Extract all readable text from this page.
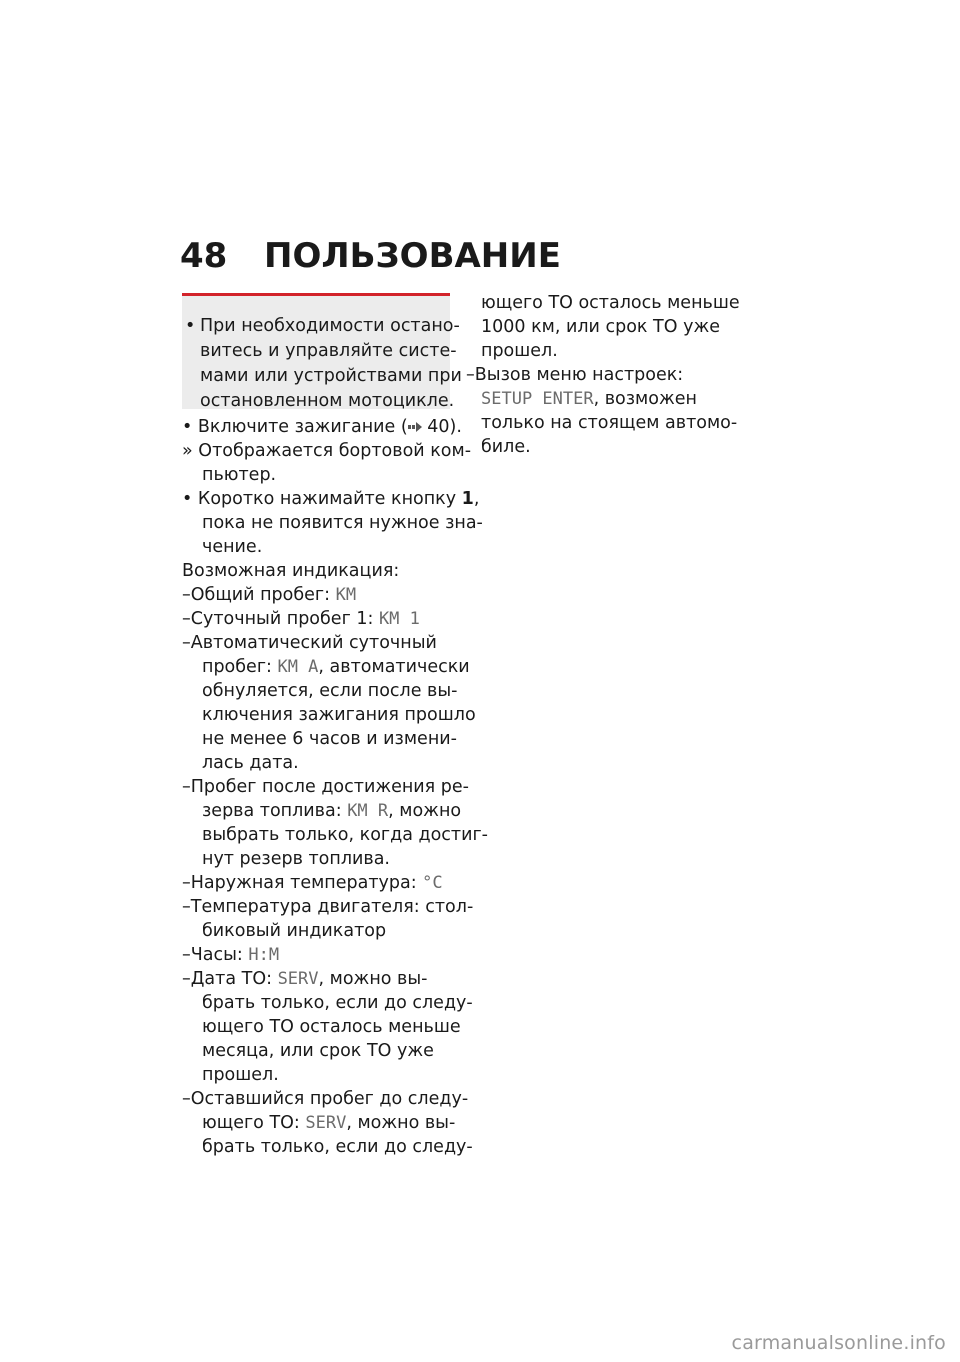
48 ПОЛЬЗОВАНИЕ
• При необходимости остано-
витесь и управляйте систе-
мами или устройствами при
остановленном мотоцикле.
• Включите зажигание ( 40).
» Отображается бортовой ком-
пьютер.
• Коротко нажимайте кнопку 1,
пока не появится нужное зна-
чение.
Возможная индикация:
–Общий пробег: KM
–Суточный пробег 1: KM 1
–Автоматический суточный
пробег: KM A, автоматически
обнуляется, если после вы-
ключения зажигания прошло
не менее 6 часов и измени-
лась дата.
–Пробег после достижения ре-
зерва топлива: KM R, можно
выбрать только, когда достиг-
нут резерв топлива.
–Наружная температура: °C
–Температура двигателя: стол-
биковый индикатор
–Часы: H:M
–Дата ТО: SERV, можно вы-
брать только, если до следу-
ющего ТО осталось меньше
месяца, или срок ТО уже
прошел.
–Оставшийся пробег до следу-
ющего ТО: SERV, можно вы-
брать только, если до следу-
ющего ТО осталось меньше
1000 км, или срок ТО уже
прошел.
–Вызов меню настроек:
SETUP ENTER, возможен
только на стоящем автомо-
биле.
carmanualsonline.info
